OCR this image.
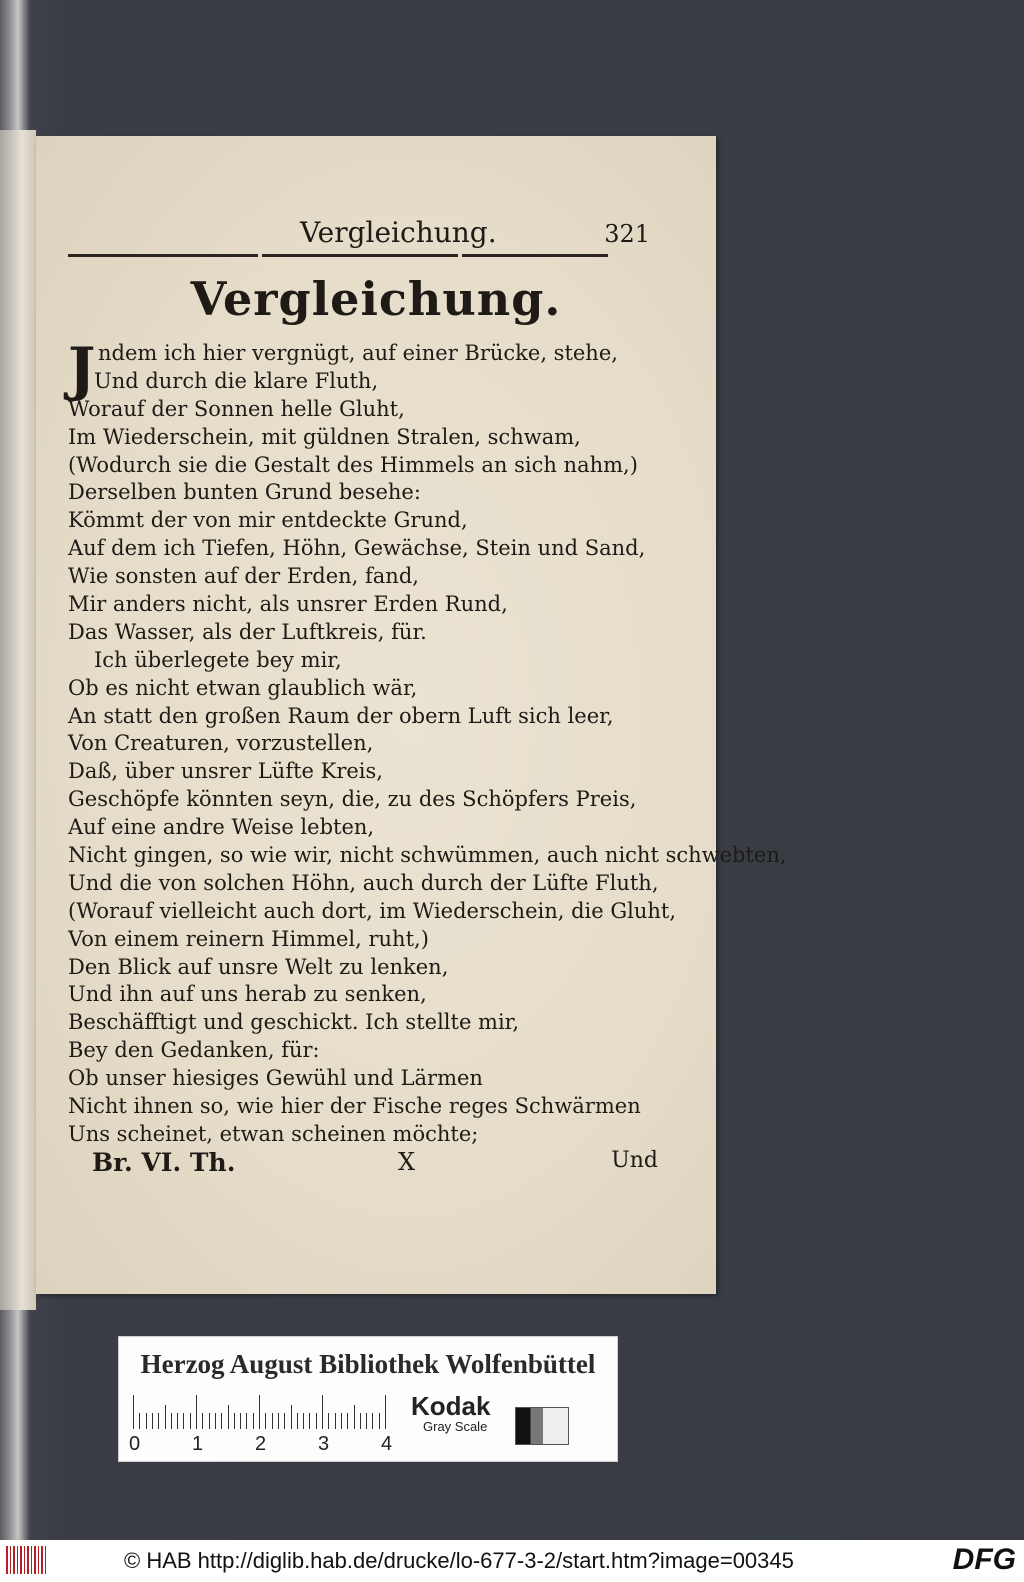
Vergleichung.	321
Vergleichung.
J ndem ich hier vergnügt, auf einer Brücke, stehe,
Und durch die klare Fluth,
Worauf der Sonnen helle Gluht,
Im Wiederschein, mit güldnen Stralen, schwam,
(Wodurch sie die Gestalt des Himmels an sich nahm,)
Derselben bunten Grund besehe:
Kömmt der von mir entdeckte Grund,
Auf dem ich Tiefen, Höhn, Gewächse, Stein und Sand,
Wie sonsten auf der Erden, fand,
Mir anders nicht, als unsrer Erden Rund,
Das Wasser, als der Luftkreis, für.
Ich überlegete bey mir,
Ob es nicht etwan glaublich wär,
An statt den großen Raum der obern Luft sich leer,
Von Creaturen, vorzustellen,
Daß, über unsrer Lüfte Kreis,
Geschöpfe könnten seyn, die, zu des Schöpfers Preis,
Auf eine andre Weise lebten,
Nicht gingen, so wie wir, nicht schwümmen, auch nicht schwebten,
Und die von solchen Höhn, auch durch der Lüfte Fluth,
(Worauf vielleicht auch dort, im Wiederschein, die Gluht,
Von einem reinern Himmel, ruht,)
Den Blick auf unsre Welt zu lenken,
Und ihn auf uns herab zu senken,
Beschäfftigt und geschickt. Ich stellte mir,
Bey den Gedanken, für:
Ob unser hiesiges Gewühl und Lärmen
Nicht ihnen so, wie hier der Fische reges Schwärmen
Uns scheinet, etwan scheinen möchte;
Br. VI. Th.	X	Und
Herzog August Bibliothek Wolfenbüttel
0	1	2	3	4
Kodak
Gray Scale
© HAB http://diglib.hab.de/drucke/lo-677-3-2/start.htm?image=00345	DFG
